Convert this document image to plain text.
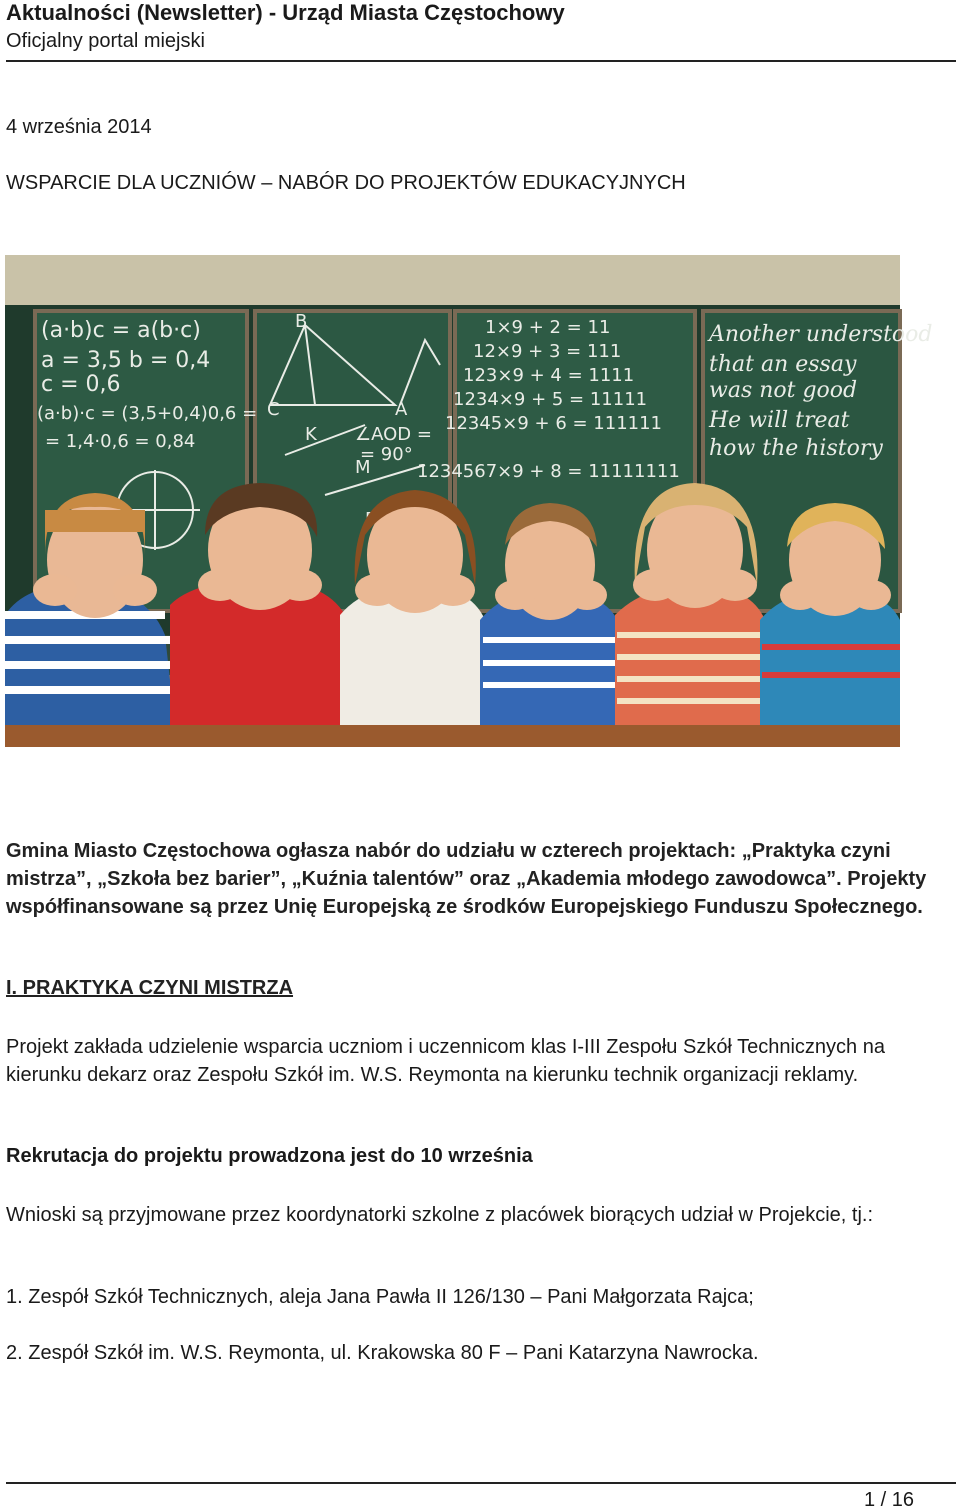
Aktualności (Newsletter) - Urząd Miasta Częstochowy
Oficjalny portal miejski
4 września 2014
WSPARCIE DLA UCZNIÓW – NABÓR DO PROJEKTÓW EDUKACYJNYCH
(a·b)c = a(b·c)
a = 3,5 b = 0,4
c = 0,6
(a·b)·c = (3,5+0,4)0,6 =
= 1,4·0,6 = 0,84
B
C	A
K ∠AOD =
= 90°
M
1×9 + 2 = 11
12×9 + 3 = 111
123×9 + 4 = 1111
1234×9 + 5 = 11111
12345×9 + 6 = 111111
1234567×9 + 8 = 11111111
Another understood
that an essay
was not good
He will treat
how the history
Gmina Miasto Częstochowa ogłasza nabór do udziału w czterech projektach: „Praktyka czyni mistrza”, „Szkoła bez barier”, „Kuźnia talentów” oraz „Akademia młodego zawodowca”. Projekty współfinansowane są przez Unię Europejską ze środków Europejskiego Funduszu Społecznego.
I. PRAKTYKA CZYNI MISTRZA
Projekt zakłada udzielenie wsparcia uczniom i uczennicom klas I-III Zespołu Szkół Technicznych na kierunku dekarz oraz Zespołu Szkół im. W.S. Reymonta na kierunku technik organizacji reklamy.
Rekrutacja do projektu prowadzona jest do 10 września
Wnioski są przyjmowane przez koordynatorki szkolne z placówek biorących udział w Projekcie, tj.:
1. Zespół Szkół Technicznych, aleja Jana Pawła II 126/130 – Pani Małgorzata Rajca;
2. Zespół Szkół im. W.S. Reymonta, ul. Krakowska 80 F – Pani Katarzyna Nawrocka.
1 / 16
